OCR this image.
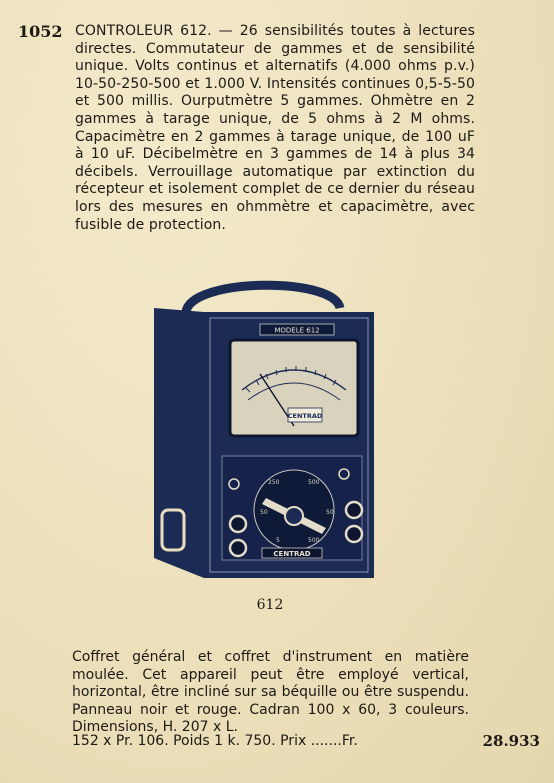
1052 CONTROLEUR 612. — 26 sensibilités toutes à lectures directes. Commutateur de gammes et de sensibilité unique. Volts continus et alternatifs (4.000 ohms p.v.) 10-50-250-500 et 1.000 V. Intensités continues 0,5-5-50 et 500 millis. Ourputmètre 5 gammes. Ohmètre en 2 gammes à tarage unique, de 5 ohms à 2 M ohms. Capacimètre en 2 gammes à tarage unique, de 100 uF à 10 uF. Décibelmètre en 3 gammes de 14 à plus 34 décibels. Verrouillage automatique par extinction du récepteur et isolement complet de ce dernier du réseau lors des mesures en ohmmètre et capacimètre, avec fusible de protection.
MODELE 612
CENTRAD
250	500
50	50
5	500
CENTRAD
612
Coffret général et coffret d'instrument en matière moulée. Cet appareil peut être employé vertical, horizontal, être incliné sur sa béquille ou être suspendu. Panneau noir et rouge. Cadran 100 x 60, 3 couleurs. Dimensions, H. 207 x L.
152 x Pr. 106. Poids 1 k. 750. Prix .......Fr.	28.933
